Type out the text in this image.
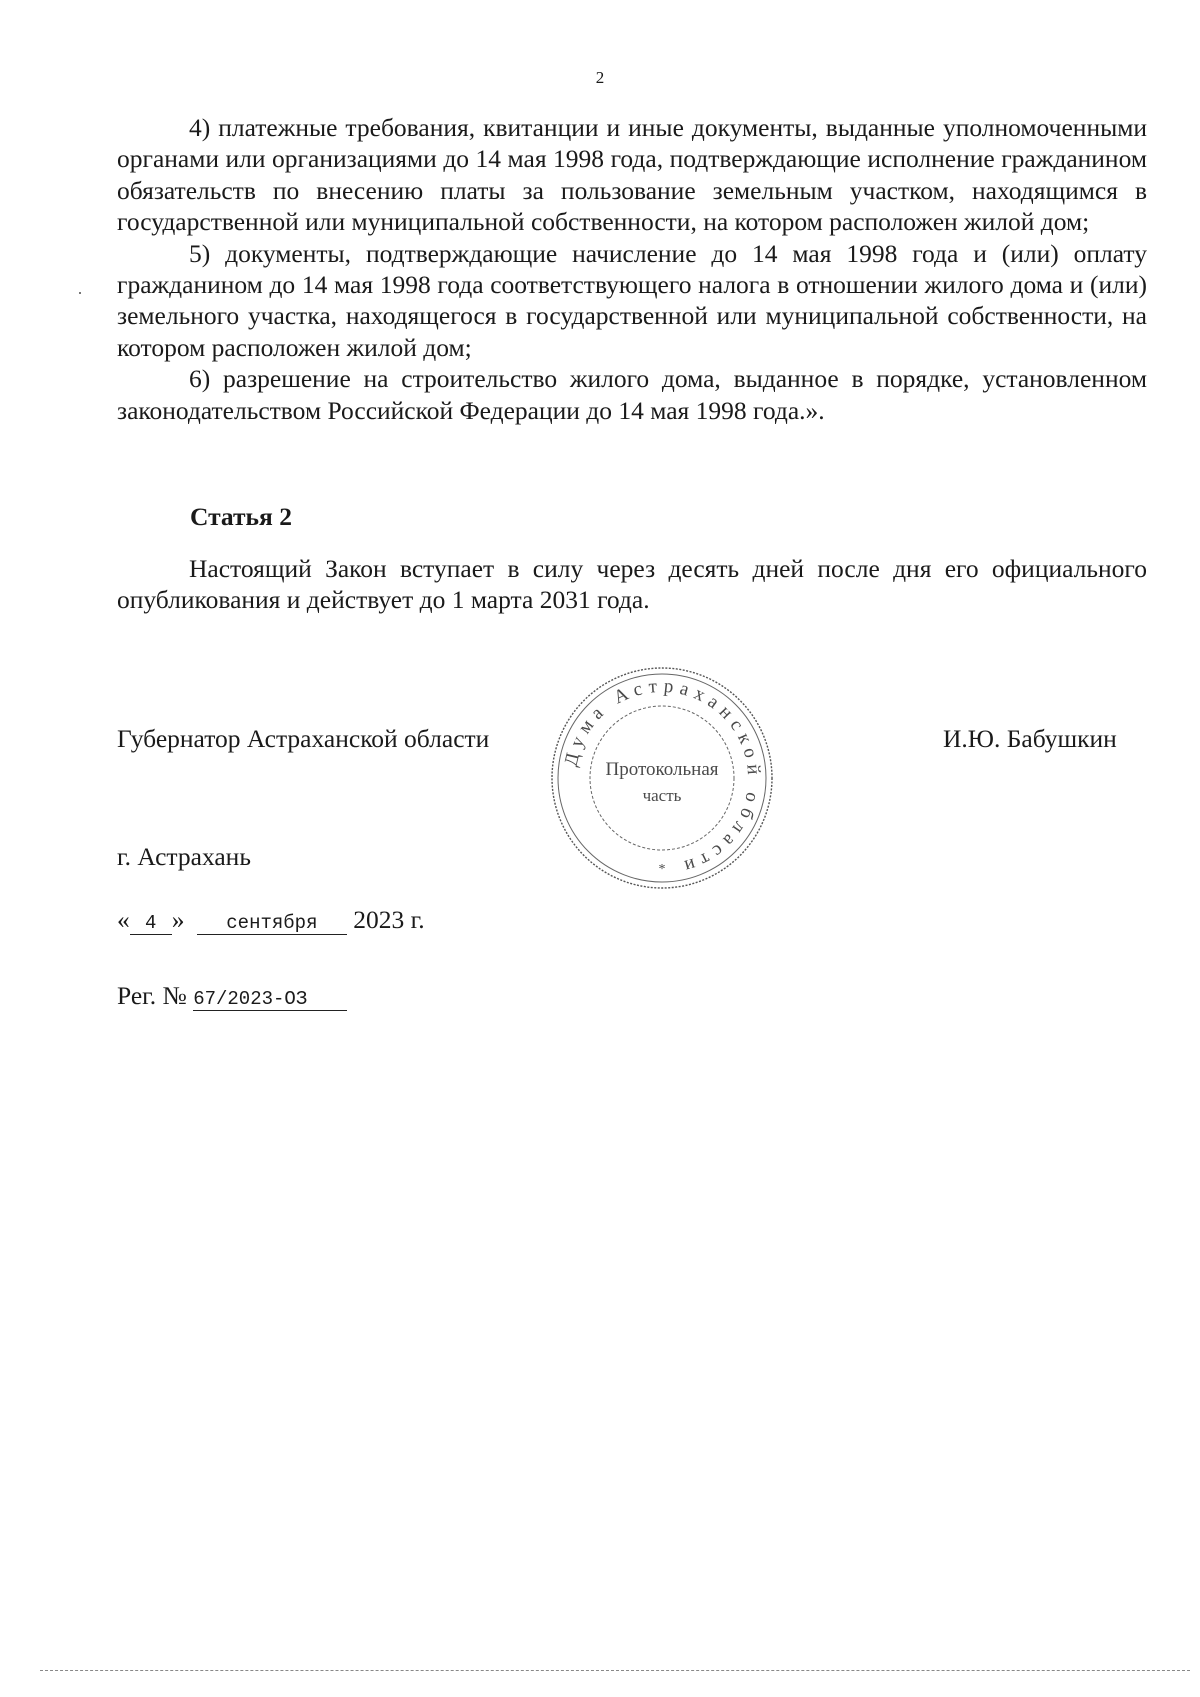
2

4) платежные требования, квитанции и иные документы, выданные уполномоченными органами или организациями до 14 мая 1998 года, подтверждающие исполнение гражданином обязательств по внесению платы за пользование земельным участком, находящимся в государственной или муниципальной собственности, на котором расположен жилой дом;

5) документы, подтверждающие начисление до 14 мая 1998 года и (или) оплату гражданином до 14 мая 1998 года соответствующего налога в отношении жилого дома и (или) земельного участка, находящегося в государственной или муниципальной собственности, на котором расположен жилой дом;

6) разрешение на строительство жилого дома, выданное в порядке, установленном законодательством Российской Федерации до 14 мая 1998 года.».

Статья 2

Настоящий Закон вступает в силу через десять дней после дня его официального опубликования и действует до 1 марта 2031 года.

Губернатор Астраханской области	И.Ю. Бабушкин
Дума Астраханской области
Протокольная
часть
*
г. Астрахань
« 4 » сентября 2023 г.
Рег. № 67/2023-ОЗ
